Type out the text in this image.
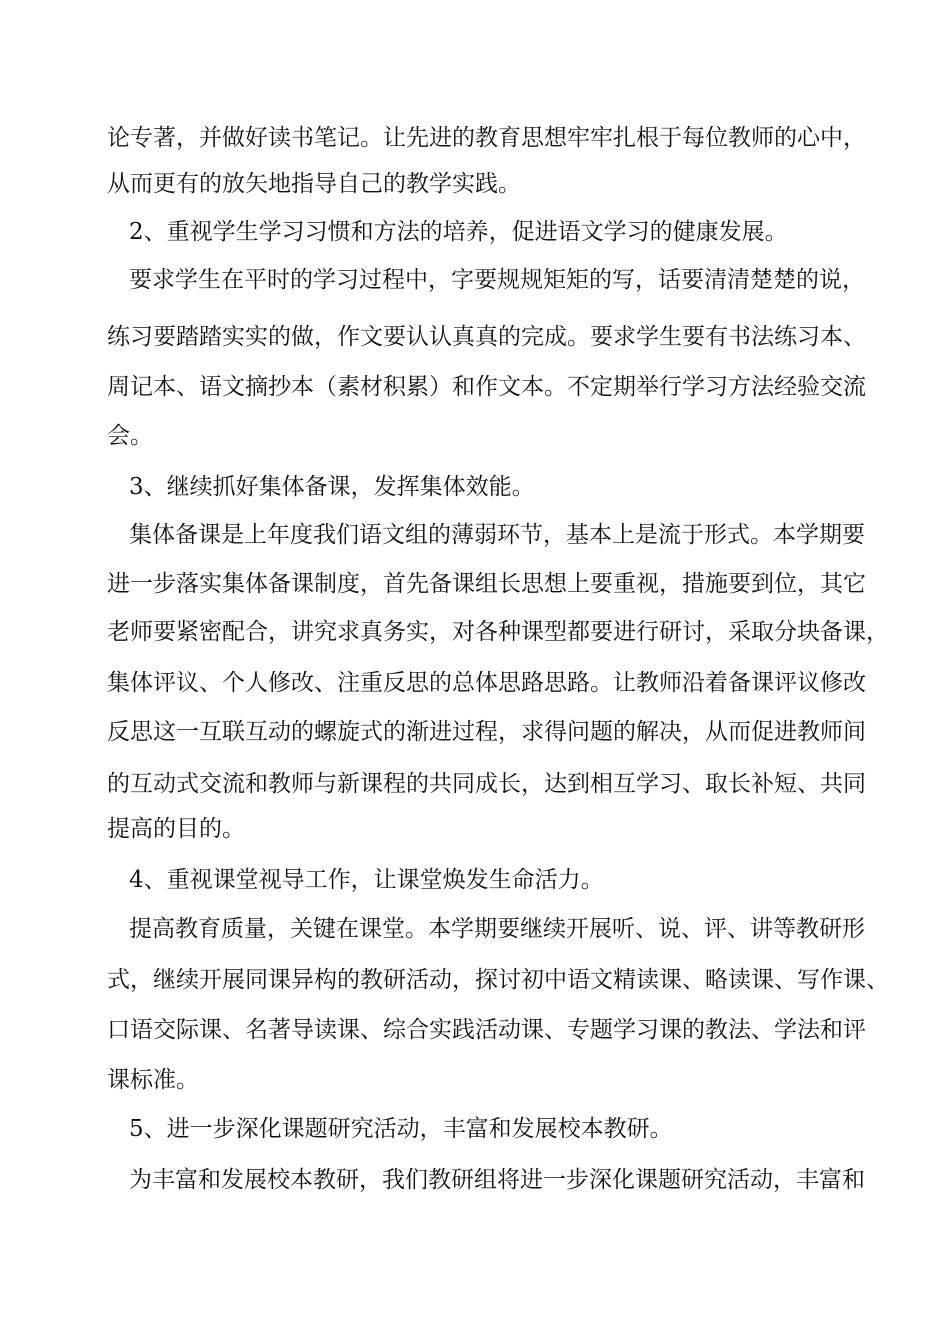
论专著，并做好读书笔记。让先进的教育思想牢牢扎根于每位教师的心中，
从而更有的放矢地指导自己的教学实践。
2、重视学生学习习惯和方法的培养，促进语文学习的健康发展。
要求学生在平时的学习过程中，字要规规矩矩的写，话要清清楚楚的说，
练习要踏踏实实的做，作文要认认真真的完成。要求学生要有书法练习本、
周记本、语文摘抄本（素材积累）和作文本。不定期举行学习方法经验交流
会。
3、继续抓好集体备课，发挥集体效能。
集体备课是上年度我们语文组的薄弱环节，基本上是流于形式。本学期要
进一步落实集体备课制度，首先备课组长思想上要重视，措施要到位，其它
老师要紧密配合，讲究求真务实，对各种课型都要进行研讨，采取分块备课，
集体评议、个人修改、注重反思的总体思路思路。让教师沿着备课评议修改
反思这一互联互动的螺旋式的渐进过程，求得问题的解决，从而促进教师间
的互动式交流和教师与新课程的共同成长，达到相互学习、取长补短、共同
提高的目的。
4、重视课堂视导工作，让课堂焕发生命活力。
提高教育质量，关键在课堂。本学期要继续开展听、说、评、讲等教研形
式，继续开展同课异构的教研活动，探讨初中语文精读课、略读课、写作课、
口语交际课、名著导读课、综合实践活动课、专题学习课的教法、学法和评
课标准。
5、进一步深化课题研究活动，丰富和发展校本教研。
为丰富和发展校本教研，我们教研组将进一步深化课题研究活动，丰富和
